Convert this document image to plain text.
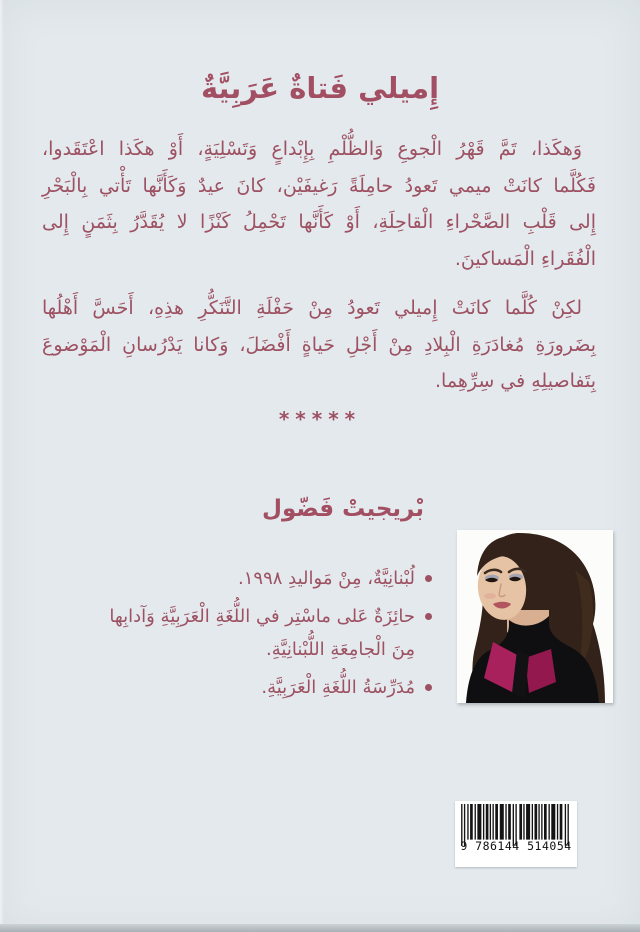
إِميلي فَتاةٌ عَرَبِيَّةٌ
وَهكَذا، تَمَّ قَهْرُ الْجوعِ وَالظُّلْمِ بِإِبْداعٍ وَتَسْلِيَةٍ، أَوْ هكَذا اعْتَقَدوا،
فَكُلَّما كانَتْ ميمي تَعودُ حامِلَةً رَغيفَيْن، كانَ عيدٌ وَكَأَنَّها تَأْتي بِالْبَحْرِ
إِلى قَلْبِ الصَّحْراءِ الْقاحِلَةِ، أَوْ كَأَنَّها تَحْمِلُ كَنْزًا لا يُقَدَّرُ بِثَمَنٍ إِلى
الْفُقَراءِ الْمَساكينَ.
لكِنْ كُلَّما كانَتْ إِميلي تَعودُ مِنْ حَفْلَةِ التَّنَكُّرِ هذِهِ، أَحَسَّ أَهْلُها
بِضَرورَةِ مُغادَرَةِ الْبِلادِ مِنْ أَجْلِ حَياةٍ أَفْضَلَ، وَكانا يَدْرُسانِ الْمَوْضوعَ
بِتَفاصيلِهِ في سِرِّهِما.
*****
بْريجيتْ فَضّول
لُبْنانِيَّةٌ، مِنْ مَواليدِ ١٩٩٨.
حائِزَةٌ عَلى ماسْتِر في اللُّغَةِ الْعَرَبِيَّةِ وَآدابِها مِنَ الْجامِعَةِ اللُّبْنانِيَّةِ.
مُدَرِّسَةُ اللُّغَةِ الْعَرَبِيَّةِ.
9 786144 514054
